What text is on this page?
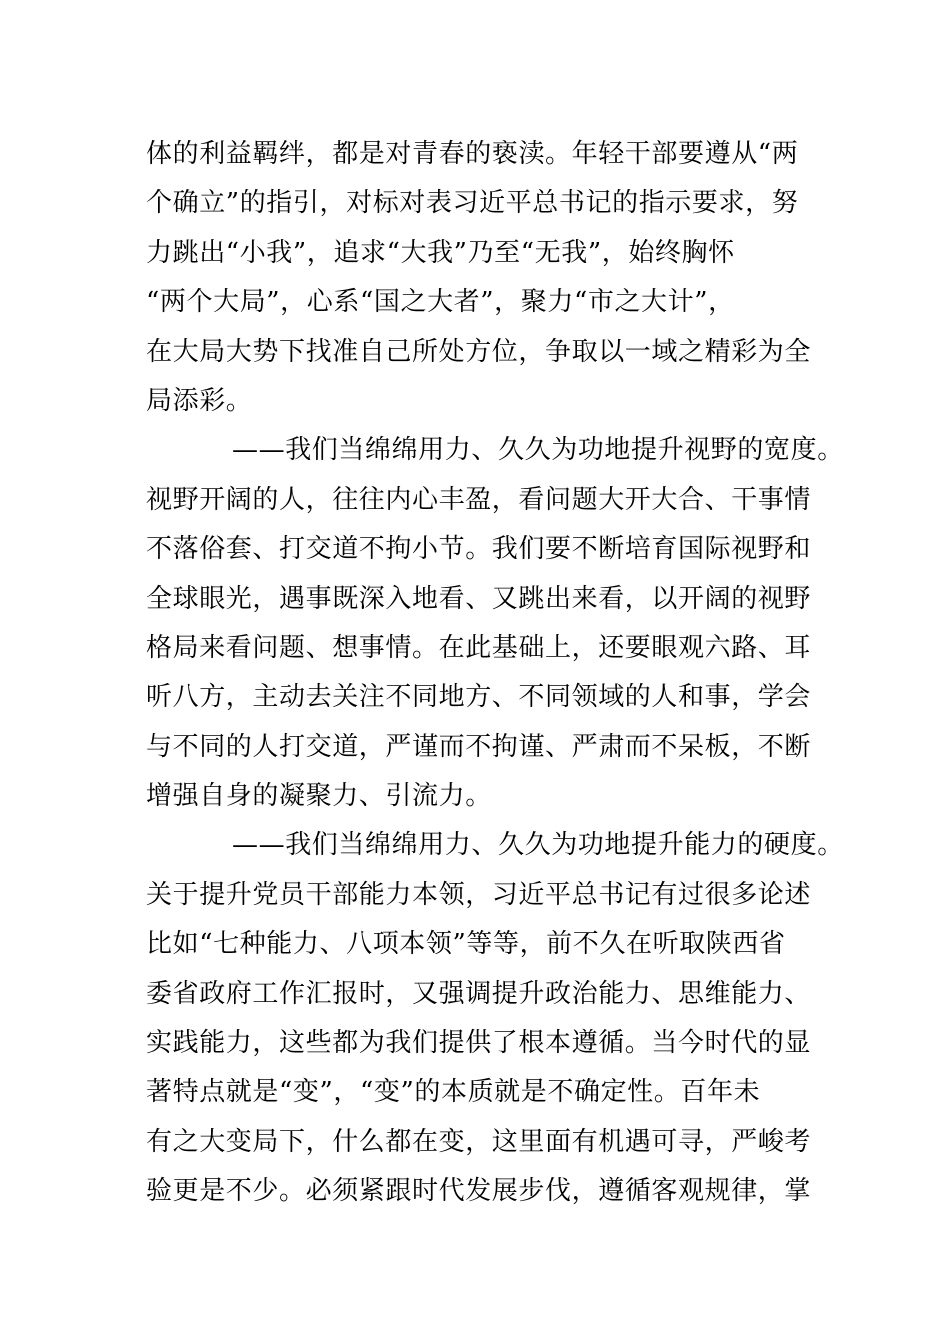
体的利益羁绊，都是对青春的亵渎。年轻干部要遵从“两
个确立”的指引，对标对表习近平总书记的指示要求，努
力跳出“小我”，追求“大我”乃至“无我”，始终胸怀
“两个大局”，心系“国之大者”，聚力“市之大计”，
在大局大势下找准自己所处方位，争取以一域之精彩为全
局添彩。
——我们当绵绵用力、久久为功地提升视野的宽度。
视野开阔的人，往往内心丰盈，看问题大开大合、干事情
不落俗套、打交道不拘小节。我们要不断培育国际视野和
全球眼光，遇事既深入地看、又跳出来看，以开阔的视野
格局来看问题、想事情。在此基础上，还要眼观六路、耳
听八方，主动去关注不同地方、不同领域的人和事，学会
与不同的人打交道，严谨而不拘谨、严肃而不呆板，不断
增强自身的凝聚力、引流力。
——我们当绵绵用力、久久为功地提升能力的硬度。
关于提升党员干部能力本领，习近平总书记有过很多论述
比如“七种能力、八项本领”等等，前不久在听取陕西省
委省政府工作汇报时，又强调提升政治能力、思维能力、
实践能力，这些都为我们提供了根本遵循。当今时代的显
著特点就是“变”，“变”的本质就是不确定性。百年未
有之大变局下，什么都在变，这里面有机遇可寻，严峻考
验更是不少。必须紧跟时代发展步伐，遵循客观规律，掌
